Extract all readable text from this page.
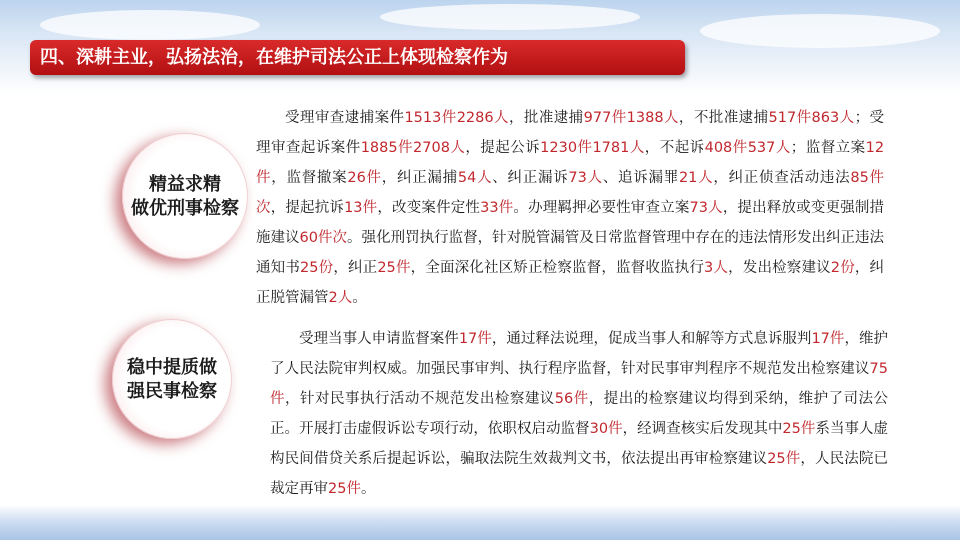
四、深耕主业，弘扬法治，在维护司法公正上体现检察作为
精益求精
做优刑事检察
稳中提质做
强民事检察

受理审查逮捕案件1513件2286人，批准逮捕977件1388人，不批准逮捕517件863人；受理审查起诉案件1885件2708人，提起公诉1230件1781人，不起诉408件537人；监督立案12件，监督撤案26件，纠正漏捕54人、纠正漏诉73人、追诉漏罪21人，纠正侦查活动违法85件次，提起抗诉13件，改变案件定性33件。办理羁押必要性审查立案73人，提出释放或变更强制措施建议60件次。强化刑罚执行监督，针对脱管漏管及日常监督管理中存在的违法情形发出纠正违法通知书25份，纠正25件，全面深化社区矫正检察监督，监督收监执行3人，发出检察建议2份，纠正脱管漏管2人。

受理当事人申请监督案件17件，通过释法说理，促成当事人和解等方式息诉服判17件，维护了人民法院审判权威。加强民事审判、执行程序监督，针对民事审判程序不规范发出检察建议75件，针对民事执行活动不规范发出检察建议56件，提出的检察建议均得到采纳，维护了司法公正。开展打击虚假诉讼专项行动，依职权启动监督30件，经调查核实后发现其中25件系当事人虚构民间借贷关系后提起诉讼，骗取法院生效裁判文书，依法提出再审检察建议25件，人民法院已裁定再审25件。
